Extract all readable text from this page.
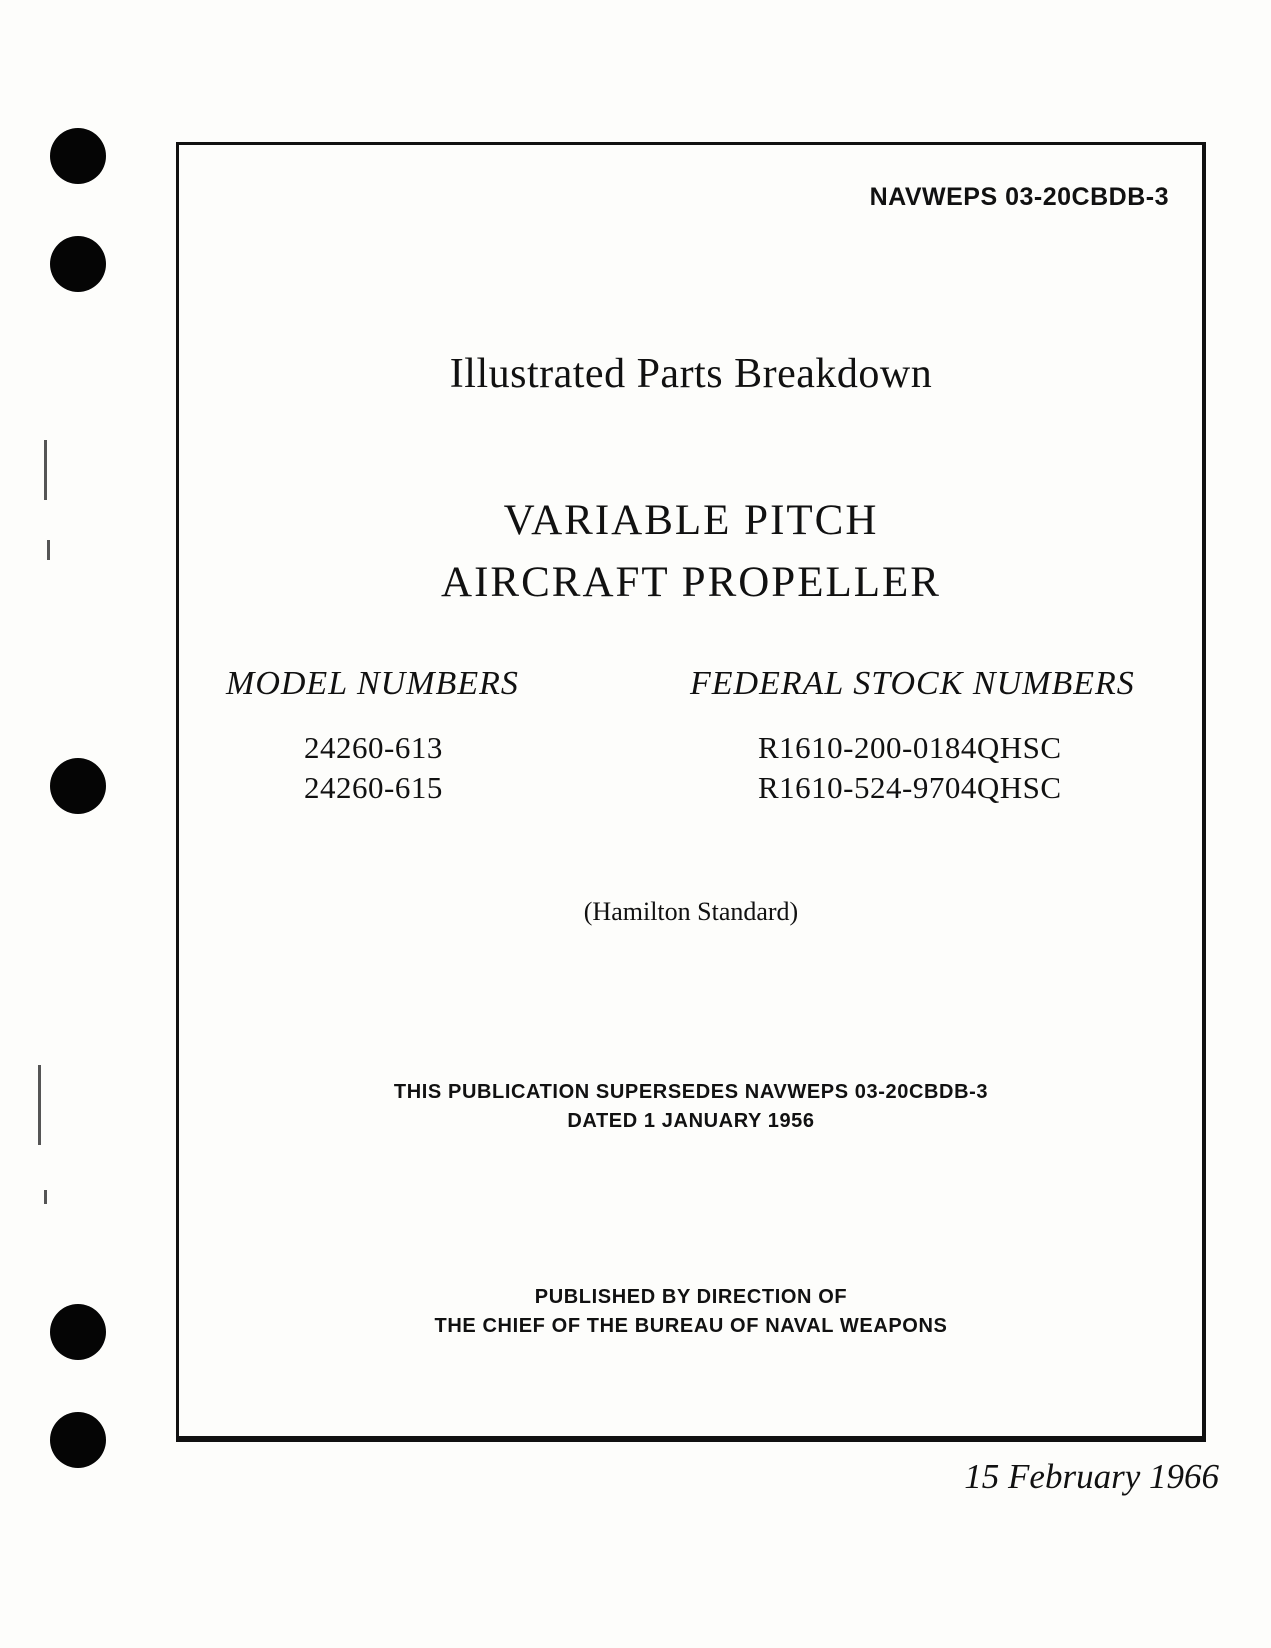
NAVWEPS 03-20CBDB-3
Illustrated Parts Breakdown
VARIABLE PITCH
AIRCRAFT PROPELLER
MODEL NUMBERS	FEDERAL STOCK NUMBERS
24260-613
24260-615
R1610-200-0184QHSC
R1610-524-9704QHSC
(Hamilton Standard)
THIS PUBLICATION SUPERSEDES NAVWEPS 03-20CBDB-3
DATED 1 JANUARY 1956
PUBLISHED BY DIRECTION OF
THE CHIEF OF THE BUREAU OF NAVAL WEAPONS
15 February 1966
